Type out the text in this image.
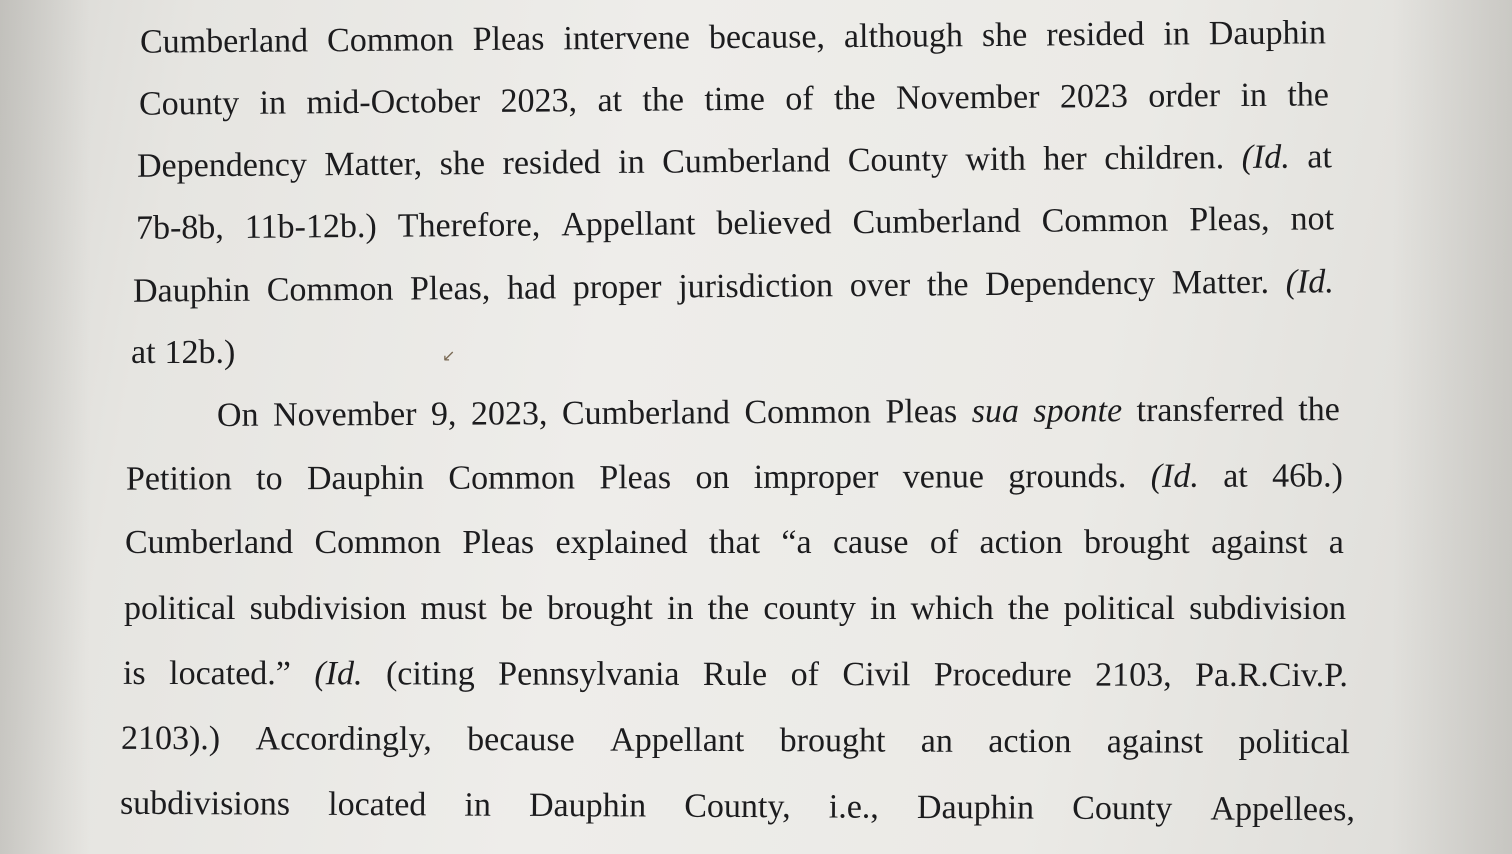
Cumberland Common Pleas intervene because, although she resided in Dauphin
County in mid-October 2023, at the time of the November 2023 order in the
Dependency Matter, she resided in Cumberland County with her children. (Id. at
7b-8b, 11b-12b.) Therefore, Appellant believed Cumberland Common Pleas, not
Dauphin Common Pleas, had proper jurisdiction over the Dependency Matter. (Id.
at 12b.)	↙
On November 9, 2023, Cumberland Common Pleas sua sponte transferred the
Petition to Dauphin Common Pleas on improper venue grounds. (Id. at 46b.)
Cumberland Common Pleas explained that “a cause of action brought against a
political subdivision must be brought in the county in which the political subdivision
is located.” (Id. (citing Pennsylvania Rule of Civil Procedure 2103, Pa.R.Civ.P.
2103).) Accordingly, because Appellant brought an action against political
subdivisions located in Dauphin County, i.e., Dauphin County Appellees,
